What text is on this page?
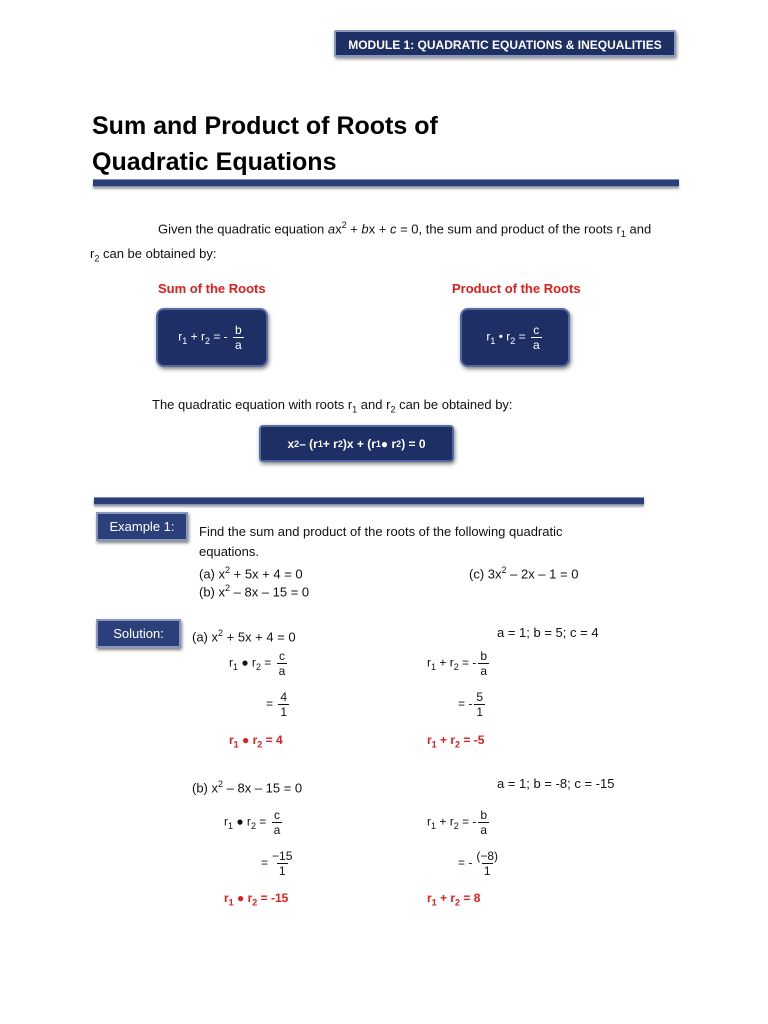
MODULE 1: QUADRATIC EQUATIONS & INEQUALITIES
Sum and Product of Roots of
Quadratic Equations
Given the quadratic equation $ax^2$ + bx + c = 0, the sum and product of the roots $r_1$ and
$r_2$ can be obtained by:
Sum of the Roots
$r_1 + r_2$ = - $\frac{b}{a}$
Product of the Roots
$r_1$ • $r_2 = \frac{c}{a}$
The quadratic equation with roots $r_1$ and $r_2$ can be obtained by:
x 2 – (r 1 + r 2 )x + (r 1 ● r 2 ) = 0
Example 1:	Find the sum and product of the roots of the following quadratic equations.
(a) $x^2 + 5x + 4 = 0$
(b) $x^2 - 8x - 15 = 0$
(c) $3x^2 - 2x - 1 = 0$
Solution:	(a) $x^2 + 5x + 4 = 0$	a = 1; b = 5; c = 4
$r_1$ ● $r_2 = \frac{c}{a}$
= $\frac{4}{1}$
$r_1$ ● $r_2 = 4$
$r_1 + r_2$ = - $\frac{b}{a}$
= - $\frac{5}{1}$
$r_1 + r_2 = -5$
(b) $x^2 - 8x - 15 = 0$	a = 1; b = -8; c = -15
$r_1$ ● $r_2 = \frac{c}{a}$
= $\frac{-15}{1}$
$r_1$ ● $r_2 = -15$
$r_1 + r_2$ = - $\frac{b}{a}$
= - $\frac{(-8)}{1}$
$r_1 + r_2 = 8$
